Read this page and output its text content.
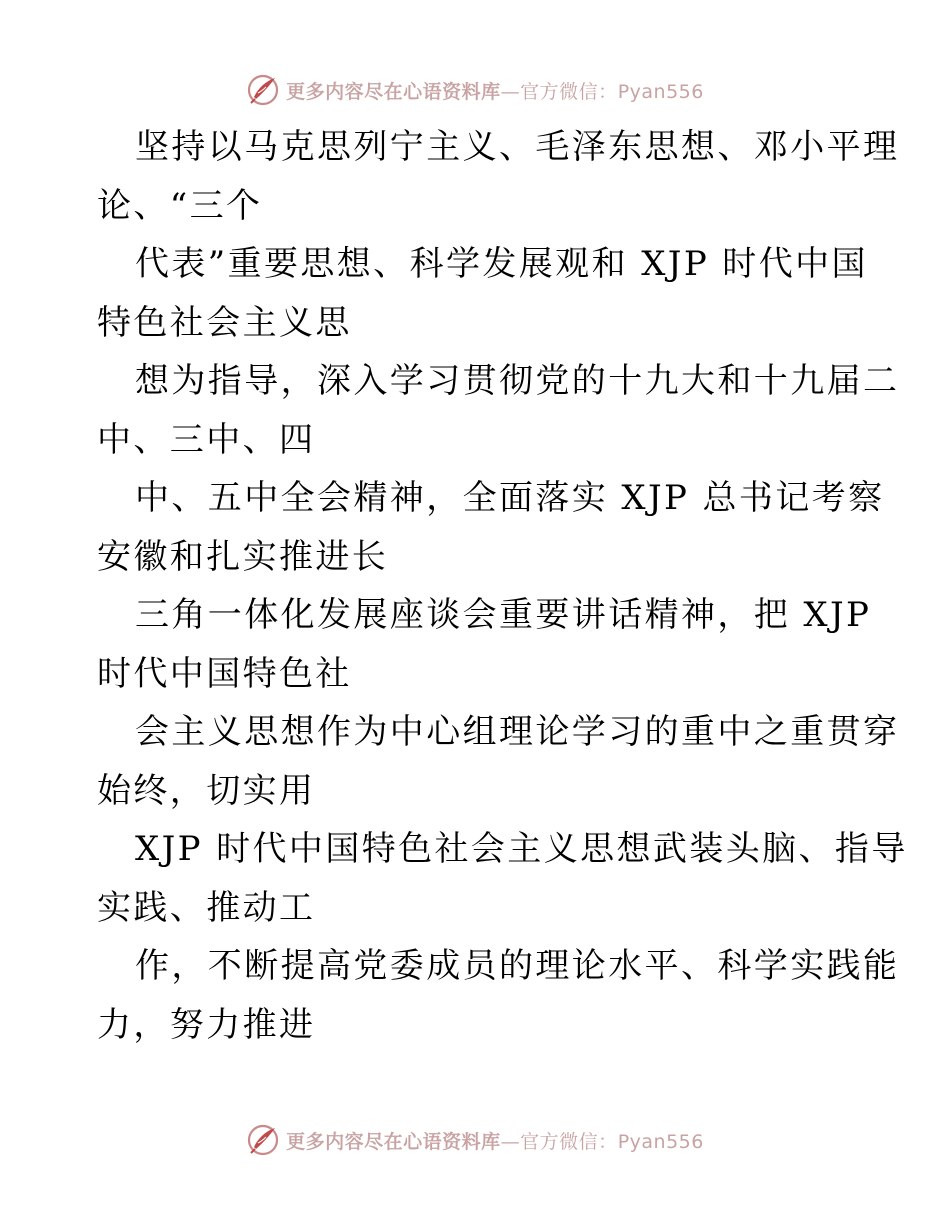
更多内容尽在心语资料库—官方微信：Pyan556
坚持以马克思列宁主义、毛泽东思想、邓小平理
论、“三个
代表”重要思想、科学发展观和 XJP 时代中国
特色社会主义思
想为指导，深入学习贯彻党的十九大和十九届二
中、三中、四
中、五中全会精神，全面落实 XJP 总书记考察
安徽和扎实推进长
三角一体化发展座谈会重要讲话精神，把 XJP
时代中国特色社
会主义思想作为中心组理论学习的重中之重贯穿
始终，切实用
XJP 时代中国特色社会主义思想武装头脑、指导
实践、推动工
作，不断提高党委成员的理论水平、科学实践能
力，努力推进
更多内容尽在心语资料库—官方微信：Pyan556
